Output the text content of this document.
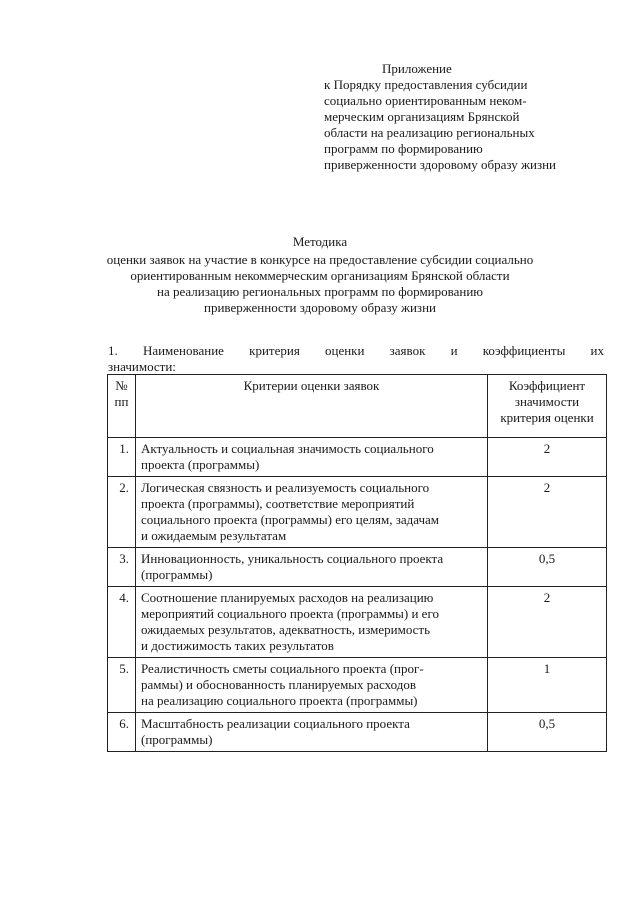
Приложение
к Порядку предоставления субсидии
социально ориентированным неком-
мерческим организациям Брянской
области на реализацию региональных
программ по формированию
приверженности здоровому образу жизни
Методика
оценки заявок на участие в конкурсе на предоставление субсидии социально
ориентированным некоммерческим организациям Брянской области
на реализацию региональных программ по формированию
приверженности здоровому образу жизни
1. Наименование критерия оценки заявок и коэффициенты их
значимости:
№
пп	Критерии оценки заявок	Коэффициент
значимости
критерия оценки

1.	Актуальность и социальная значимость социального
проекта (программы)	2
2.	Логическая связность и реализуемость социального
проекта (программы), соответствие мероприятий
социального проекта (программы) его целям, задачам
и ожидаемым результатам	2
3.	Инновационность, уникальность социального проекта
(программы)	0,5
4.	Соотношение планируемых расходов на реализацию
мероприятий социального проекта (программы) и его
ожидаемых результатов, адекватность, измеримость
и достижимость таких результатов	2
5.	Реалистичность сметы социального проекта (прог-
раммы) и обоснованность планируемых расходов
на реализацию социального проекта (программы)	1
6.	Масштабность реализации социального проекта
(программы)	0,5
